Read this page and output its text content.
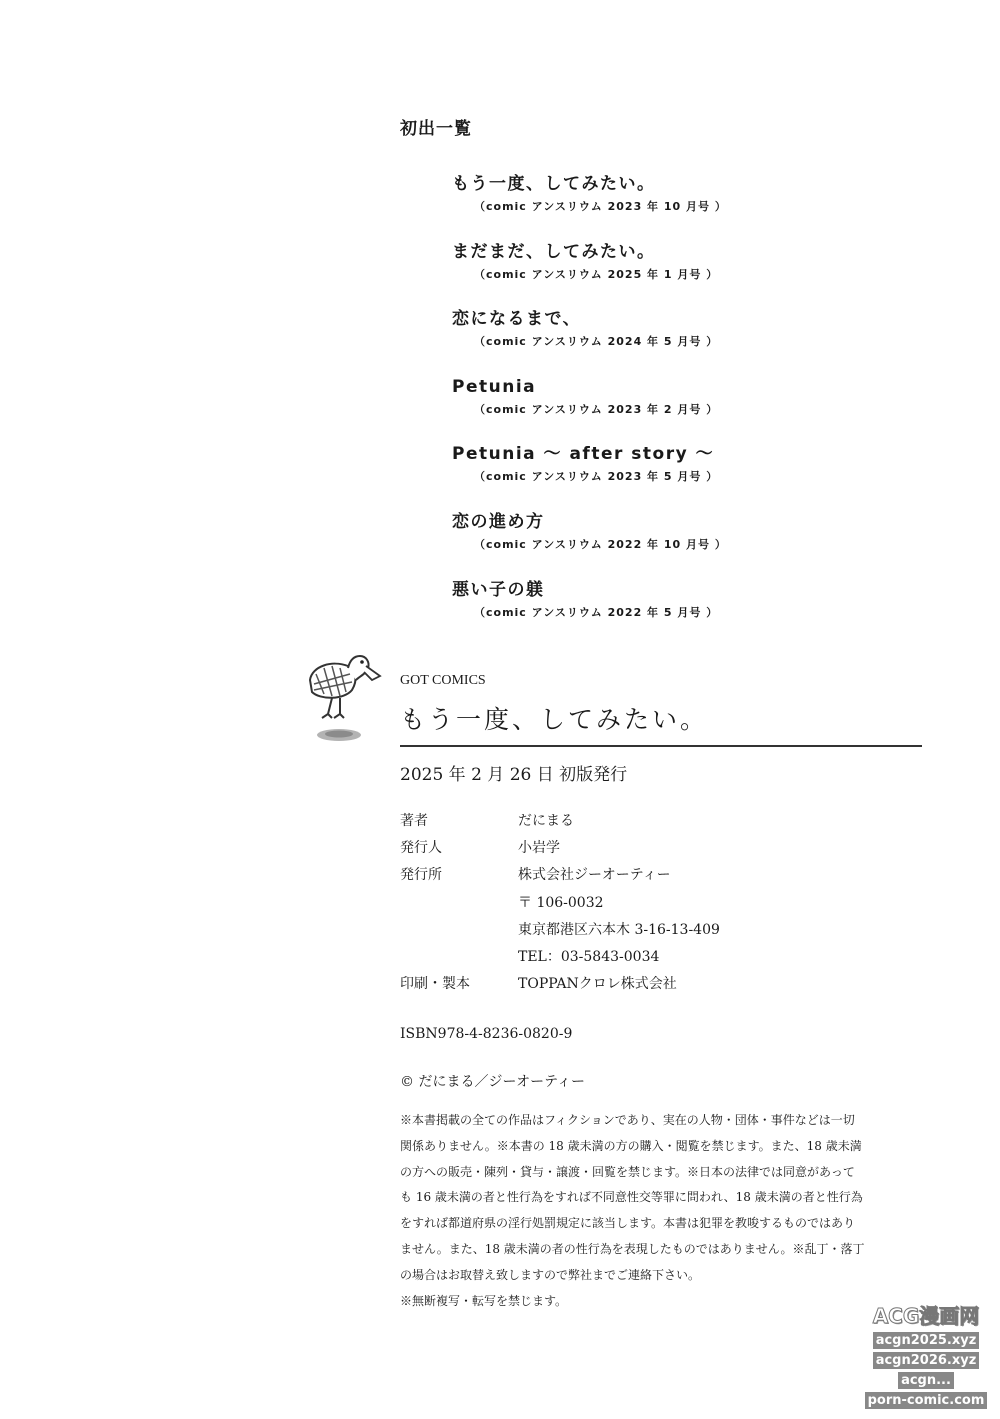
初出一覧
もう一度、してみたい。
（comic アンスリウム 2023 年 10 月号 ）
まだまだ、してみたい。
（comic アンスリウム 2025 年 1 月号 ）
恋になるまで、
（comic アンスリウム 2024 年 5 月号 ）
Petunia
（comic アンスリウム 2023 年 2 月号 ）
Petunia 〜 after story 〜
（comic アンスリウム 2023 年 5 月号 ）
恋の進め方
（comic アンスリウム 2022 年 10 月号 ）
悪い子の躾
（comic アンスリウム 2022 年 5 月号 ）
GOT COMICS
もう一度、してみたい。
2025 年 2 月 26 日 初版発行
著者	だにまる
発行人	小岩学
発行所	株式会社ジーオーティー
〒 106-0032
東京都港区六本木 3-16-13-409
TEL：03-5843-0034
印刷・製本	TOPPANクロレ株式会社
ISBN978-4-8236-0820-9
© だにまる／ジーオーティー
※本書掲載の全ての作品はフィクションであり、実在の人物・団体・事件などは一切
関係ありません。※本書の 18 歳未満の方の購入・閲覧を禁じます。また、18 歳未満
の方への販売・陳列・貸与・譲渡・回覧を禁じます。※日本の法律では同意があって
も 16 歳未満の者と性行為をすれば不同意性交等罪に問われ、18 歳未満の者と性行為
をすれば都道府県の淫行処罰規定に該当します。本書は犯罪を教唆するものではあり
ません。また、18 歳未満の者の性行為を表現したものではありません。※乱丁・落丁
の場合はお取替え致しますので弊社までご連絡下さい。
※無断複写・転写を禁じます。
ACG漫画网
acgn2025.xyz
acgn2026.xyz
acgn...
porn-comic.com
